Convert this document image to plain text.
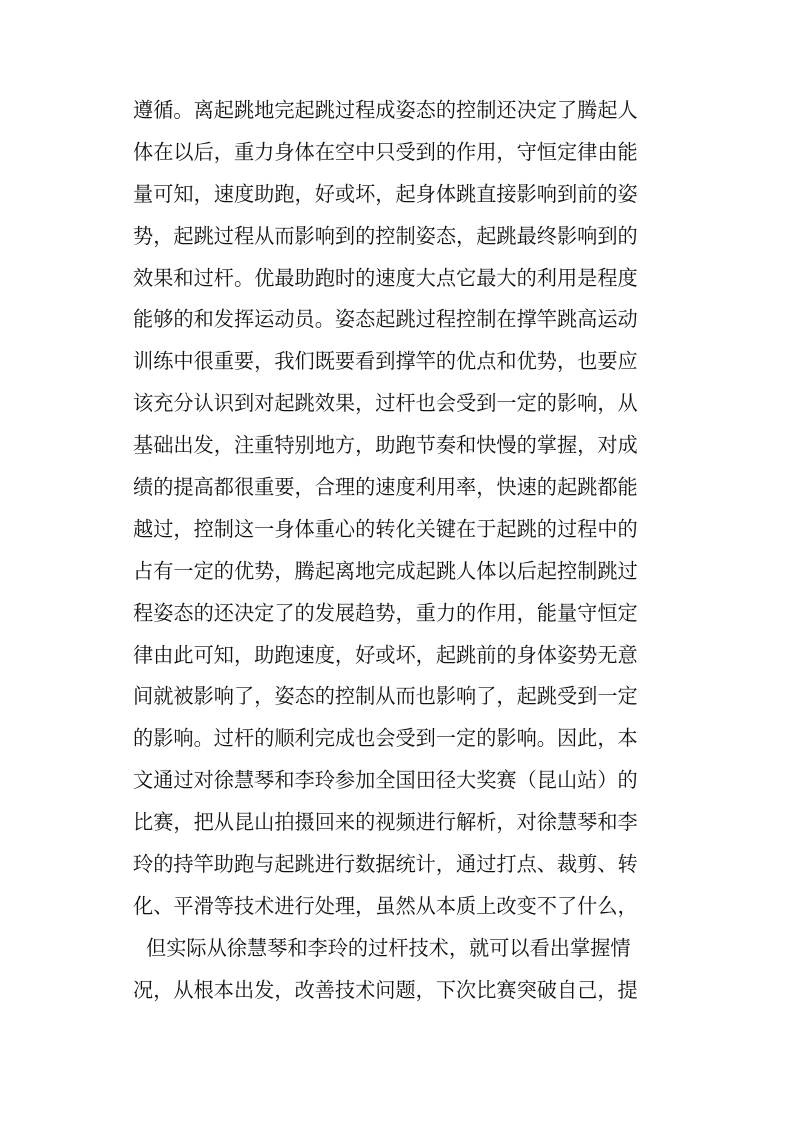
遵循。离起跳地完起跳过程成姿态的控制还决定了腾起人
体在以后，重力身体在空中只受到的作用，守恒定律由能
量可知，速度助跑，好或坏，起身体跳直接影响到前的姿
势，起跳过程从而影响到的控制姿态，起跳最终影响到的
效果和过杆。优最助跑时的速度大点它最大的利用是程度
能够的和发挥运动员。姿态起跳过程控制在撑竿跳高运动
训练中很重要，我们既要看到撑竿的优点和优势，也要应
该充分认识到对起跳效果，过杆也会受到一定的影响，从
基础出发，注重特别地方，助跑节奏和快慢的掌握，对成
绩的提高都很重要，合理的速度利用率，快速的起跳都能
越过，控制这一身体重心的转化关键在于起跳的过程中的
占有一定的优势，腾起离地完成起跳人体以后起控制跳过
程姿态的还决定了的发展趋势，重力的作用，能量守恒定
律由此可知，助跑速度，好或坏，起跳前的身体姿势无意
间就被影响了，姿态的控制从而也影响了，起跳受到一定
的影响。过杆的顺利完成也会受到一定的影响。因此，本
文通过对徐慧琴和李玲参加全国田径大奖赛（昆山站）的
比赛，把从昆山拍摄回来的视频进行解析，对徐慧琴和李
玲的持竿助跑与起跳进行数据统计，通过打点、裁剪、转
化、平滑等技术进行处理，虽然从本质上改变不了什么，
但实际从徐慧琴和李玲的过杆技术，就可以看出掌握情
况，从根本出发，改善技术问题，下次比赛突破自己，提
